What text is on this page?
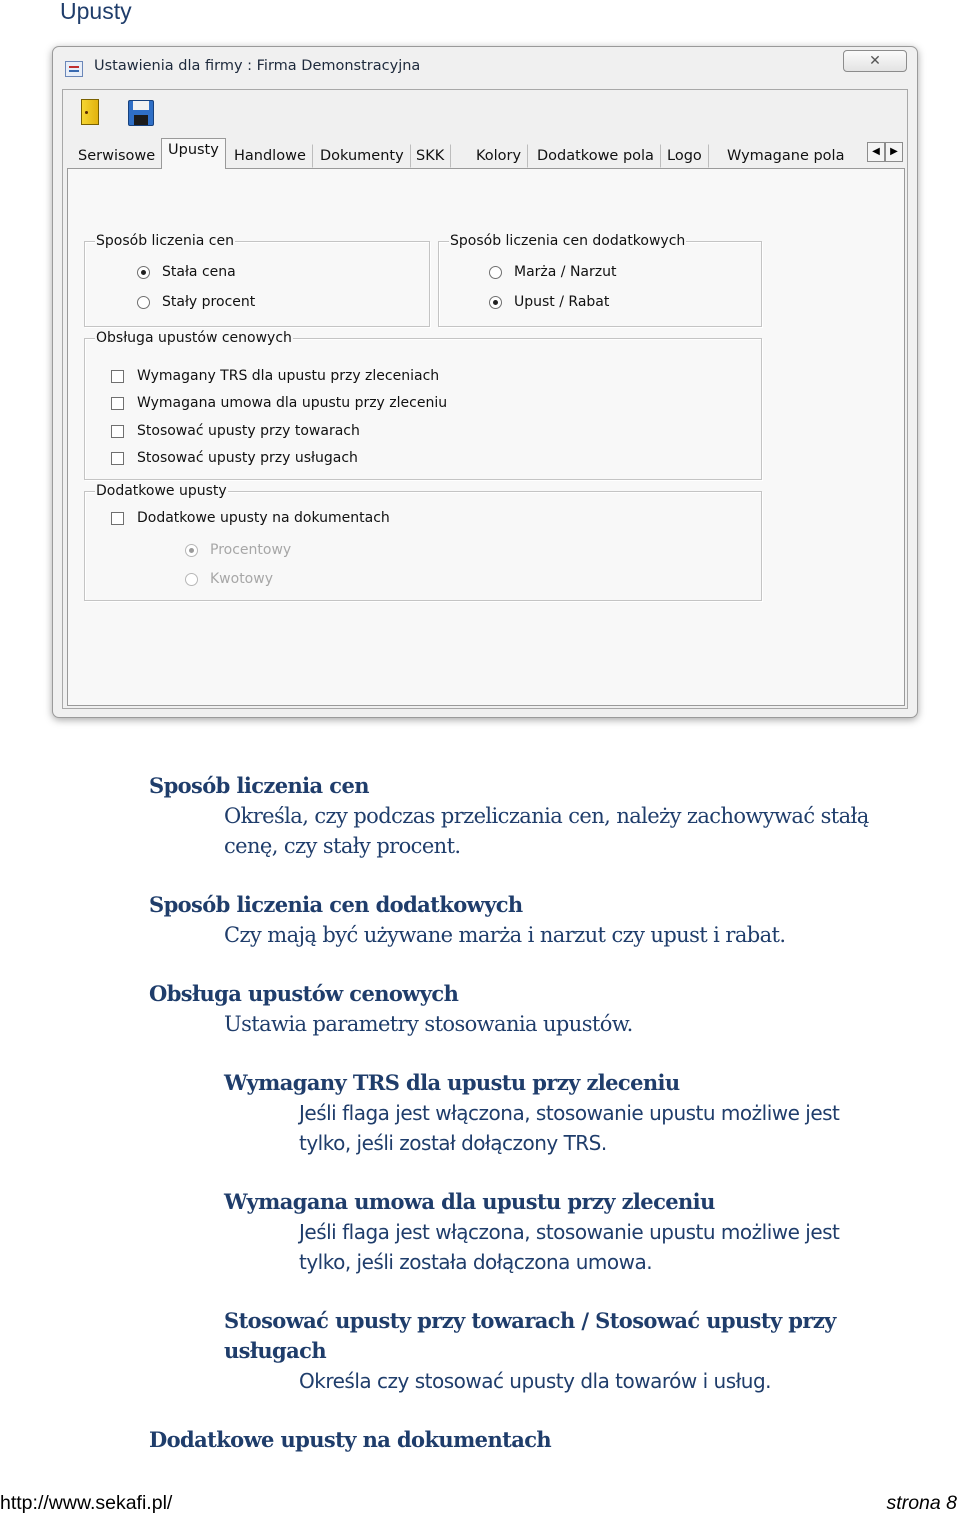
Upusty
Ustawienia dla firmy : Firma Demonstracyjna	✕
Serwisowe Upusty	Handlowe Dokumenty SKK	Kolory	Dodatkowe pola Logo	Wymagane pola	◀	▶
Sposób liczenia cen
Stała cena
Stały procent
Sposób liczenia cen dodatkowych
Marża / Narzut
Upust / Rabat
Obsługa upustów cenowych
Wymagany TRS dla upustu przy zleceniach
Wymagana umowa dla upustu przy zleceniu
Stosować upusty przy towarach
Stosować upusty przy usługach
Dodatkowe upusty
Dodatkowe upusty na dokumentach
Procentowy
Kwotowy
Sposób liczenia cen
Określa, czy podczas przeliczania cen, należy zachowywać stałą
cenę, czy stały procent.
Sposób liczenia cen dodatkowych
Czy mają być używane marża i narzut czy upust i rabat.
Obsługa upustów cenowych
Ustawia parametry stosowania upustów.
Wymagany TRS dla upustu przy zleceniu
Jeśli flaga jest włączona, stosowanie upustu możliwe jest
tylko, jeśli został dołączony TRS.
Wymagana umowa dla upustu przy zleceniu
Jeśli flaga jest włączona, stosowanie upustu możliwe jest
tylko, jeśli została dołączona umowa.
Stosować upusty przy towarach / Stosować upusty przy
usługach
Określa czy stosować upusty dla towarów i usług.
Dodatkowe upusty na dokumentach
http://www.sekafi.pl/	strona 8
